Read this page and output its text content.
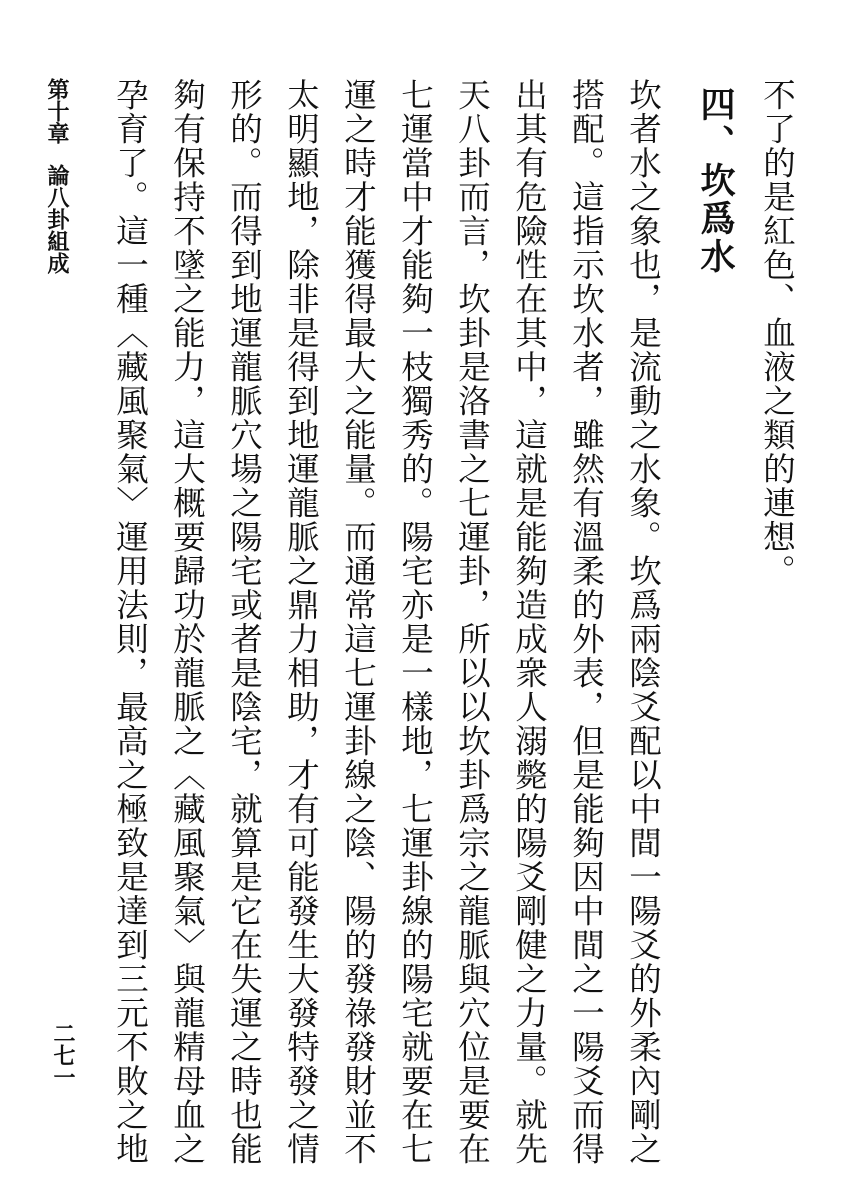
不了的是紅色、血液之類的連想。
四、坎爲水
坎者水之象也，是流動之水象。坎爲兩陰爻配以中間一陽爻的外柔內剛之
搭配。這指示坎水者，雖然有溫柔的外表，但是能夠因中間之一陽爻而得
出其有危險性在其中，這就是能夠造成衆人溺斃的陽爻剛健之力量。就先
天八卦而言，坎卦是洛書之七運卦，所以以坎卦爲宗之龍脈與穴位是要在
七運當中才能夠一枝獨秀的。陽宅亦是一樣地，七運卦線的陽宅就要在七
運之時才能獲得最大之能量。而通常這七運卦線之陰、陽的發祿發財並不
太明顯地，除非是得到地運龍脈之鼎力相助，才有可能發生大發特發之情
形的。而得到地運龍脈穴場之陽宅或者是陰宅，就算是它在失運之時也能
夠有保持不墜之能力，這大概要歸功於龍脈之︿藏風聚氣﹀與龍精母血之
孕育了。這一種︿藏風聚氣﹀運用法則，最高之極致是達到三元不敗之地
第十章論八卦組成
二七一
